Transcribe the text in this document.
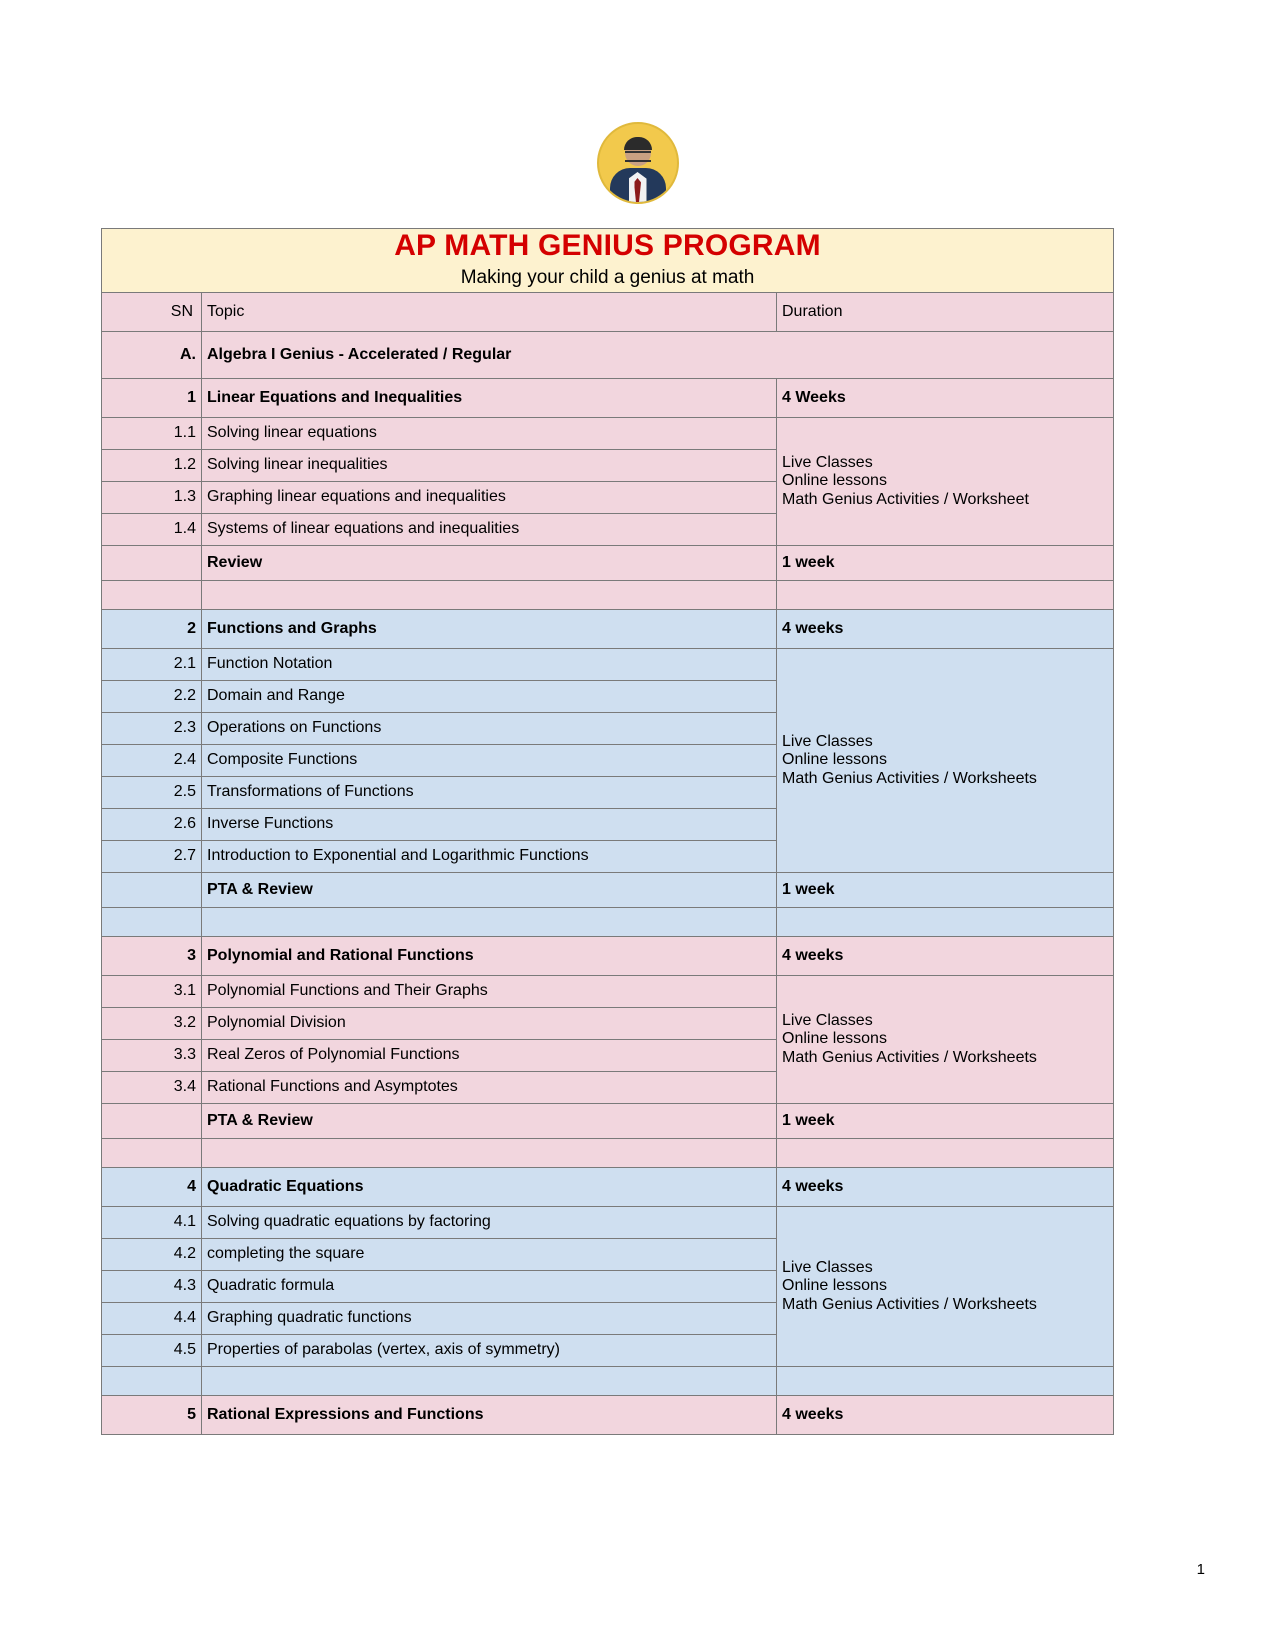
AP MATH GENIUS PROGRAM
Making your child a genius at math		

SN	Topic	Duration
A.	Algebra I Genius - Accelerated / Regular	
1	Linear Equations and Inequalities	4 Weeks
1.1	Solving linear equations	Live Classes
Online lessons
Math Genius Activities / Worksheet

1.2	Solving linear inequalities	
1.3	Graphing linear equations and inequalities	
1.4	Systems of linear equations and inequalities	
	Review	1 week

2	Functions and Graphs	4 weeks
2.1	Function Notation	Live Classes
Online lessons
Math Genius Activities / Worksheets

2.2	Domain and Range	
2.3	Operations on Functions	
2.4	Composite Functions	
2.5	Transformations of Functions	
2.6	Inverse Functions	
2.7	Introduction to Exponential and Logarithmic Functions	
	PTA & Review	1 week

3	Polynomial and Rational Functions	4 weeks
3.1	Polynomial Functions and Their Graphs	Live Classes
Online lessons
Math Genius Activities / Worksheets

3.2	Polynomial Division	
3.3	Real Zeros of Polynomial Functions	
3.4	Rational Functions and Asymptotes	
	PTA & Review	1 week

4	Quadratic Equations	4 weeks
4.1	Solving quadratic equations by factoring	Live Classes
Online lessons
Math Genius Activities / Worksheets

4.2	completing the square	
4.3	Quadratic formula	
4.4	Graphing quadratic functions	
4.5	Properties of parabolas (vertex, axis of symmetry)	

5	Rational Expressions and Functions	4 weeks
1
